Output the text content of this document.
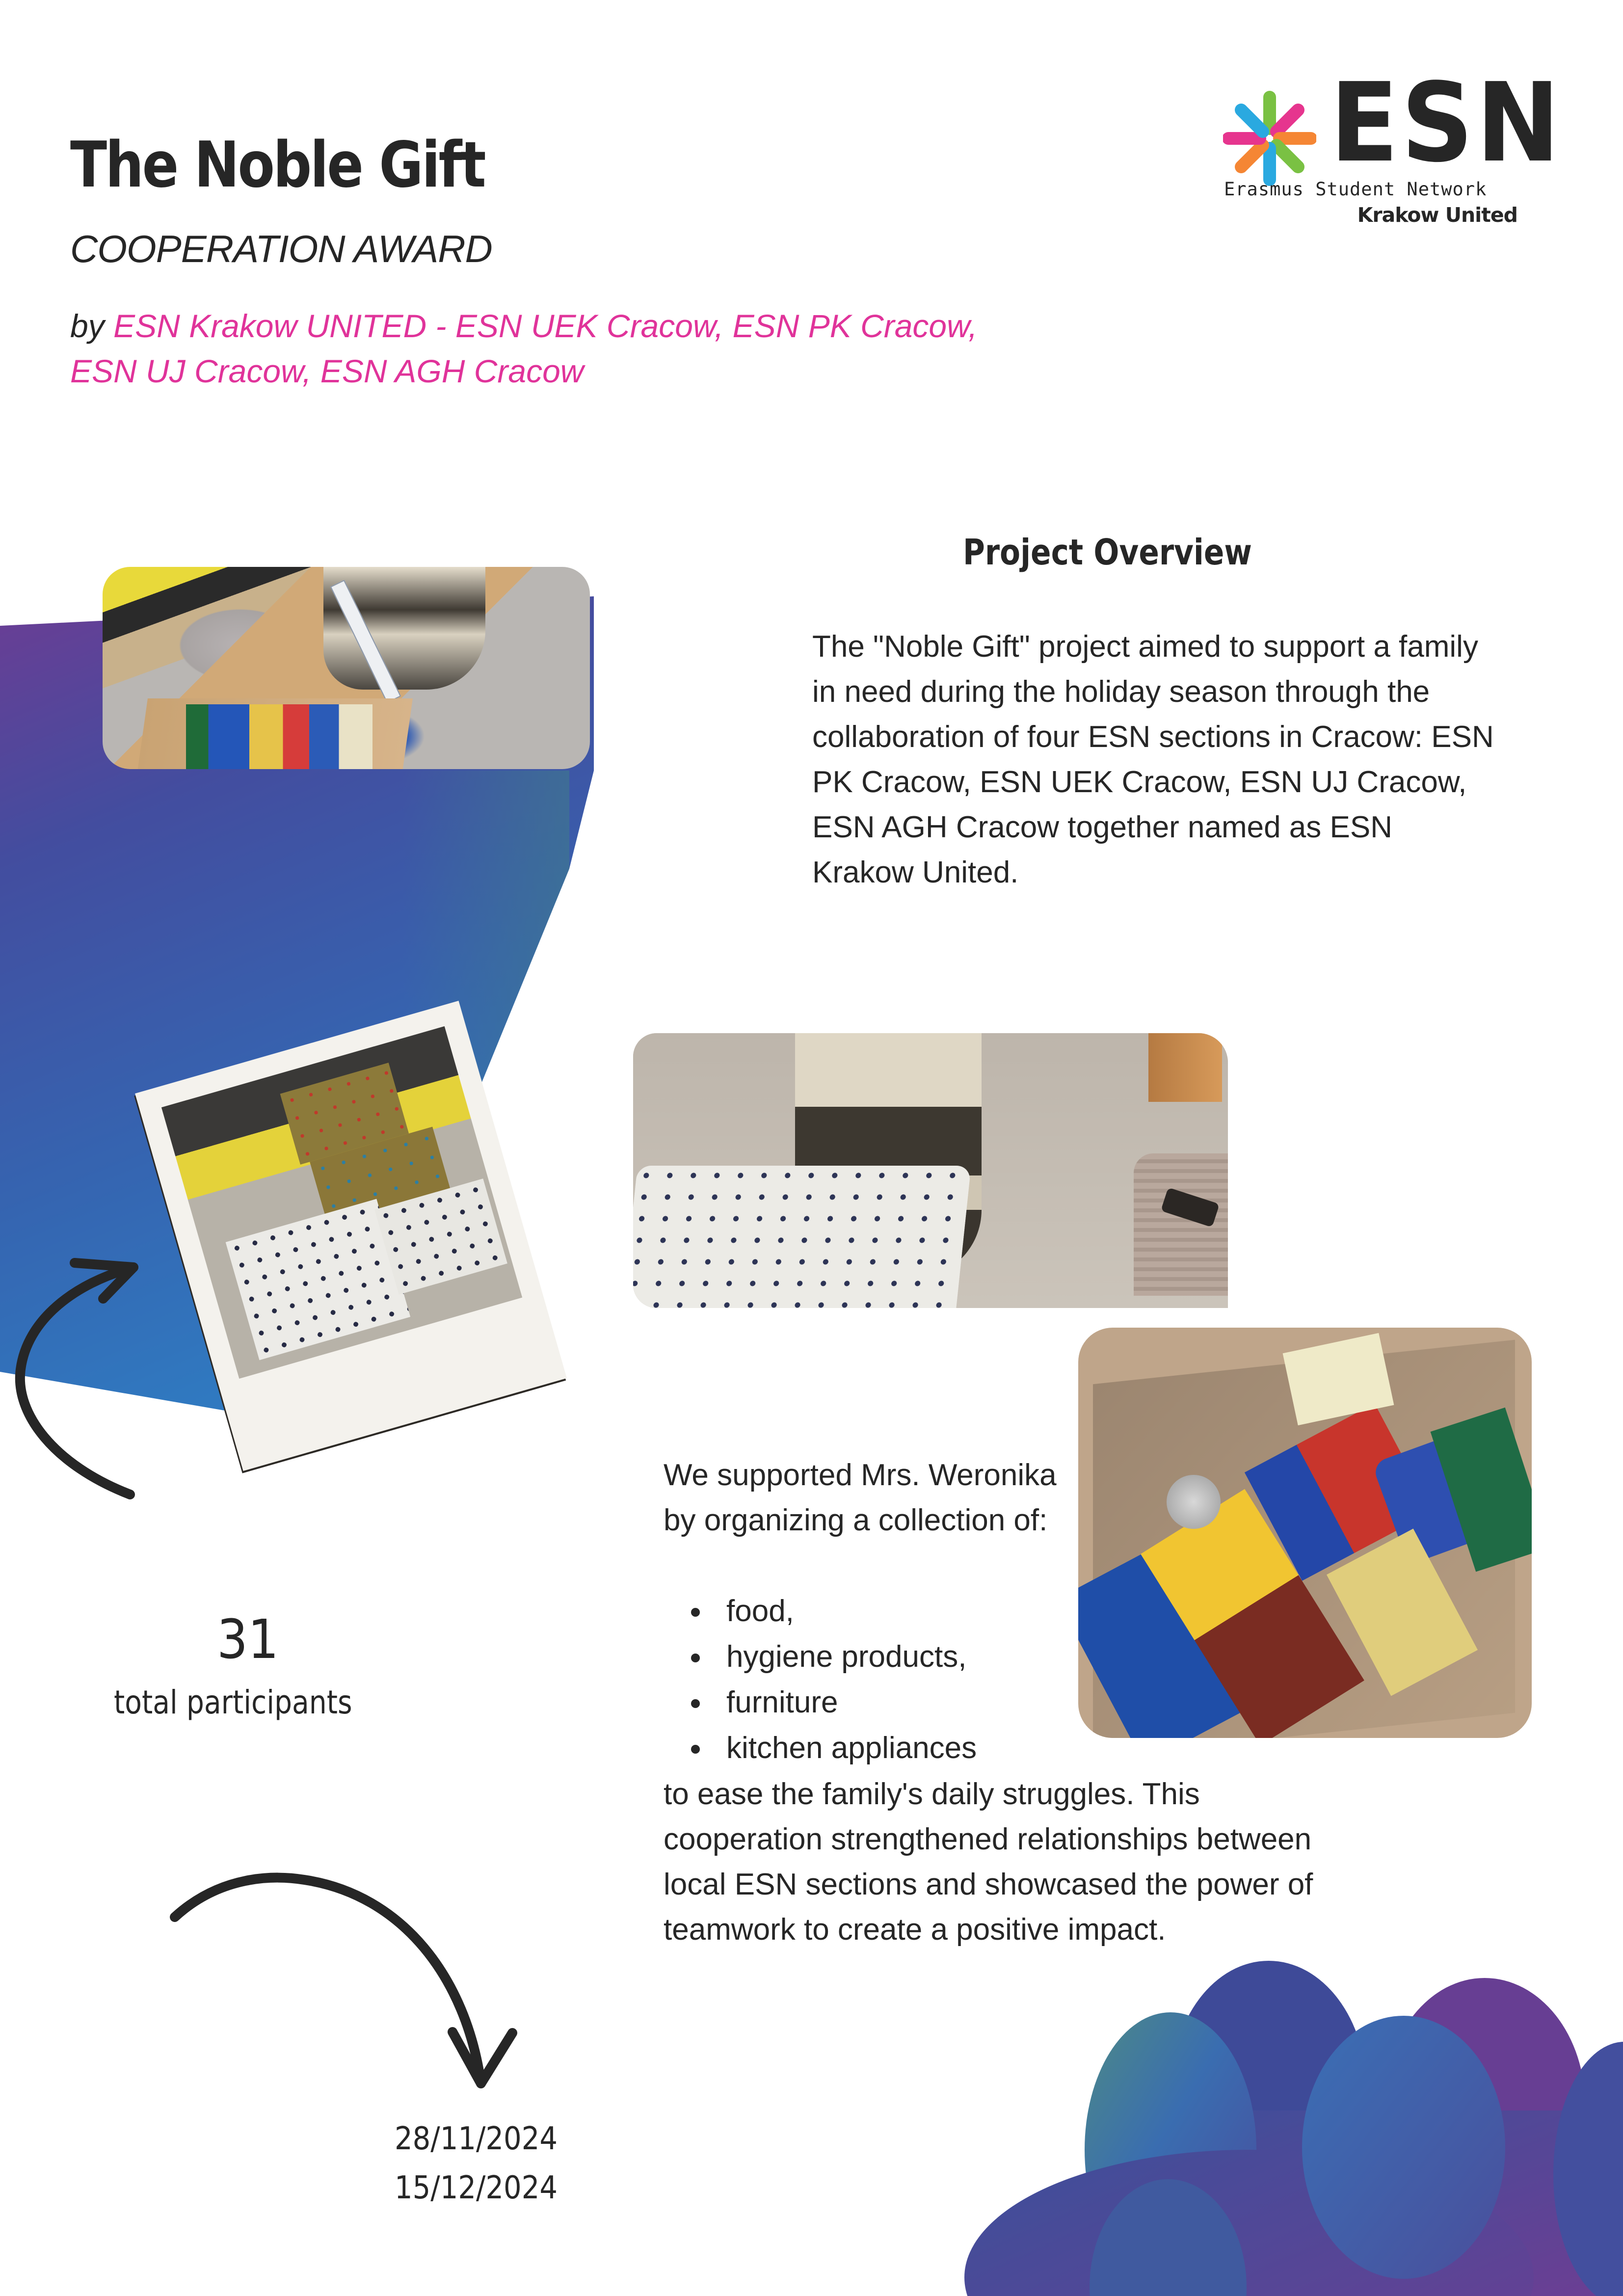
The Noble Gift
COOPERATION AWARD
by ESN Krakow UNITED - ESN UEK Cracow, ESN PK Cracow, ESN UJ Cracow, ESN AGH Cracow
ESN
Erasmus Student Network
Krakow United
Project Overview
The "Noble Gift" project aimed to support a family in need during the holiday season through the collaboration of four ESN sections in Cracow: ESN PK Cracow, ESN UEK Cracow, ESN UJ Cracow, ESN AGH Cracow together named as ESN Krakow United.
We supported Mrs. Weronika by organizing a collection of:
food,
hygiene products,
furniture
kitchen appliances
to ease the family's daily struggles. This cooperation strengthened relationships between local ESN sections and showcased the power of teamwork to create a positive impact.
31
total participants
28/11/2024
15/12/2024
